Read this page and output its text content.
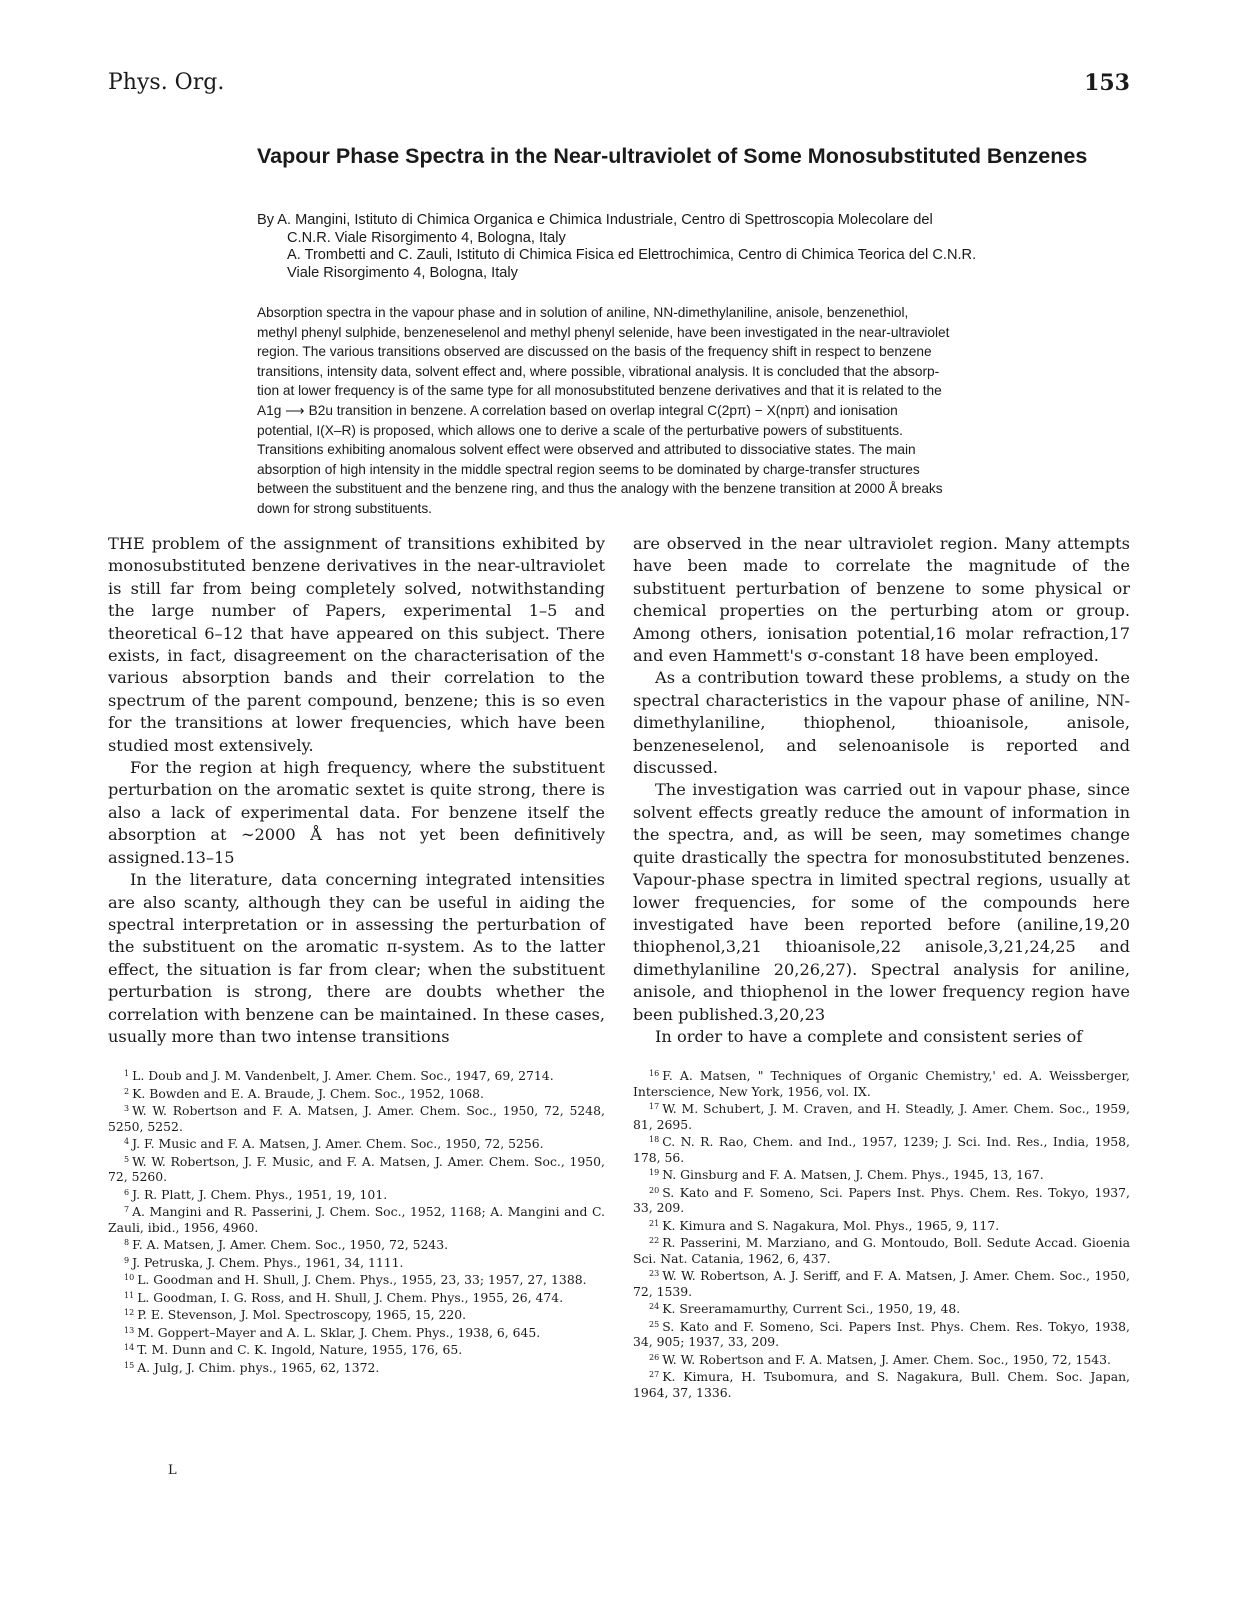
Phys. Org.	153
Vapour Phase Spectra in the Near-ultraviolet of Some Monosubstituted Benzenes

By A. Mangini, Istituto di Chimica Organica e Chimica Industriale, Centro di Spettroscopia Molecolare del

C.N.R. Viale Risorgimento 4, Bologna, Italy

A. Trombetti and C. Zauli, Istituto di Chimica Fisica ed Elettrochimica, Centro di Chimica Teorica del C.N.R.

Viale Risorgimento 4, Bologna, Italy

Absorption spectra in the vapour phase and in solution of aniline, NN-dimethylaniline, anisole, benzenethiol,
methyl phenyl sulphide, benzeneselenol and methyl phenyl selenide, have been investigated in the near-ultraviolet
region. The various transitions observed are discussed on the basis of the frequency shift in respect to benzene
transitions, intensity data, solvent effect and, where possible, vibrational analysis. It is concluded that the absorp-
tion at lower frequency is of the same type for all monosubstituted benzene derivatives and that it is related to the
A1g ⟶ B2u transition in benzene. A correlation based on overlap integral C(2pπ) − X(npπ) and ionisation
potential, I(X–R) is proposed, which allows one to derive a scale of the perturbative powers of substituents.
Transitions exhibiting anomalous solvent effect were observed and attributed to dissociative states. The main
absorption of high intensity in the middle spectral region seems to be dominated by charge-transfer structures
between the substituent and the benzene ring, and thus the analogy with the benzene transition at 2000 Å breaks
down for strong substituents.

THE problem of the assignment of transitions exhibited by monosubstituted benzene derivatives in the near-ultraviolet is still far from being completely solved, notwithstanding the large number of Papers, experimental 1–5 and theoretical 6–12 that have appeared on this subject. There exists, in fact, disagreement on the characterisation of the various absorption bands and their correlation to the spectrum of the parent compound, benzene; this is so even for the transitions at lower frequencies, which have been studied most extensively.

For the region at high frequency, where the substituent perturbation on the aromatic sextet is quite strong, there is also a lack of experimental data. For benzene itself the absorption at ∼2000 Å has not yet been definitively assigned.13–15

In the literature, data concerning integrated intensities are also scanty, although they can be useful in aiding the spectral interpretation or in assessing the perturbation of the substituent on the aromatic π-system. As to the latter effect, the situation is far from clear; when the substituent perturbation is strong, there are doubts whether the correlation with benzene can be maintained. In these cases, usually more than two intense transitions

are observed in the near ultraviolet region. Many attempts have been made to correlate the magnitude of the substituent perturbation of benzene to some physical or chemical properties on the perturbing atom or group. Among others, ionisation potential,16 molar refraction,17 and even Hammett's σ-constant 18 have been employed.

As a contribution toward these problems, a study on the spectral characteristics in the vapour phase of aniline, NN-dimethylaniline, thiophenol, thioanisole, anisole, benzeneselenol, and selenoanisole is reported and discussed.

The investigation was carried out in vapour phase, since solvent effects greatly reduce the amount of information in the spectra, and, as will be seen, may sometimes change quite drastically the spectra for monosubstituted benzenes. Vapour-phase spectra in limited spectral regions, usually at lower frequencies, for some of the compounds here investigated have been reported before (aniline,19,20 thiophenol,3,21 thioanisole,22 anisole,3,21,24,25 and dimethylaniline 20,26,27). Spectral analysis for aniline, anisole, and thiophenol in the lower frequency region have been published.3,20,23

In order to have a complete and consistent series of

$^1$ L. Doub and J. M. Vandenbelt, J. Amer. Chem. Soc., 1947, 69, 2714.

$^2$ K. Bowden and E. A. Braude, J. Chem. Soc., 1952, 1068.

$^3$ W. W. Robertson and F. A. Matsen, J. Amer. Chem. Soc., 1950, 72, 5248, 5250, 5252.

$^4$ J. F. Music and F. A. Matsen, J. Amer. Chem. Soc., 1950, 72, 5256.

$^5$ W. W. Robertson, J. F. Music, and F. A. Matsen, J. Amer. Chem. Soc., 1950, 72, 5260.

$^6$ J. R. Platt, J. Chem. Phys., 1951, 19, 101.

$^7$ A. Mangini and R. Passerini, J. Chem. Soc., 1952, 1168; A. Mangini and C. Zauli, ibid., 1956, 4960.

$^8$ F. A. Matsen, J. Amer. Chem. Soc., 1950, 72, 5243.

$^9$ J. Petruska, J. Chem. Phys., 1961, 34, 1111.

$^{10}$ L. Goodman and H. Shull, J. Chem. Phys., 1955, 23, 33; 1957, 27, 1388.

$^{11}$ L. Goodman, I. G. Ross, and H. Shull, J. Chem. Phys., 1955, 26, 474.

$^{12}$ P. E. Stevenson, J. Mol. Spectroscopy, 1965, 15, 220.

$^{13}$ M. Goppert–Mayer and A. L. Sklar, J. Chem. Phys., 1938, 6, 645.

$^{14}$ T. M. Dunn and C. K. Ingold, Nature, 1955, 176, 65.

$^{15}$ A. Julg, J. Chim. phys., 1965, 62, 1372.

$^{16}$ F. A. Matsen, " Techniques of Organic Chemistry,' ed. A. Weissberger, Interscience, New York, 1956, vol. IX.

$^{17}$ W. M. Schubert, J. M. Craven, and H. Steadly, J. Amer. Chem. Soc., 1959, 81, 2695.

$^{18}$ C. N. R. Rao, Chem. and Ind., 1957, 1239; J. Sci. Ind. Res., India, 1958, 178, 56.

$^{19}$ N. Ginsburg and F. A. Matsen, J. Chem. Phys., 1945, 13, 167.

$^{20}$ S. Kato and F. Someno, Sci. Papers Inst. Phys. Chem. Res. Tokyo, 1937, 33, 209.

$^{21}$ K. Kimura and S. Nagakura, Mol. Phys., 1965, 9, 117.

$^{22}$ R. Passerini, M. Marziano, and G. Montoudo, Boll. Sedute Accad. Gioenia Sci. Nat. Catania, 1962, 6, 437.

$^{23}$ W. W. Robertson, A. J. Seriff, and F. A. Matsen, J. Amer. Chem. Soc., 1950, 72, 1539.

$^{24}$ K. Sreeramamurthy, Current Sci., 1950, 19, 48.

$^{25}$ S. Kato and F. Someno, Sci. Papers Inst. Phys. Chem. Res. Tokyo, 1938, 34, 905; 1937, 33, 209.

$^{26}$ W. W. Robertson and F. A. Matsen, J. Amer. Chem. Soc., 1950, 72, 1543.

$^{27}$ K. Kimura, H. Tsubomura, and S. Nagakura, Bull. Chem. Soc. Japan, 1964, 37, 1336.

L
